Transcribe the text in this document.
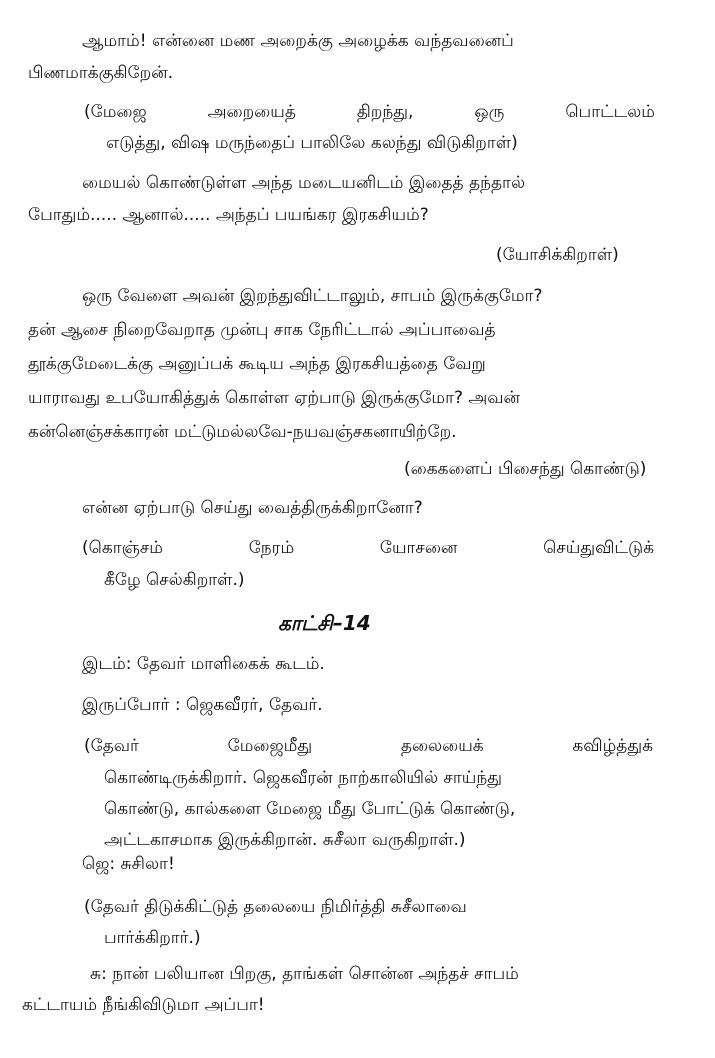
ஆமாம்! என்னை மண அறைக்கு அழைக்க வந்தவனைப்
பிணமாக்குகிறேன்.
(மேஜை	அறையைத்	திறந்து,	ஒரு	பொட்டலம்
எடுத்து, விஷ மருந்தைப் பாலிலே கலந்து விடுகிறாள்)
மையல் கொண்டுள்ள அந்த மடையனிடம் இதைத் தந்தால்
போதும்..... ஆனால்..... அந்தப் பயங்கர இரகசியம்?
(யோசிக்கிறாள்)
ஒரு வேளை அவன் இறந்துவிட்டாலும், சாபம் இருக்குமோ?
தன் ஆசை நிறைவேறாத முன்பு சாக நேரிட்டால் அப்பாவைத்
தூக்குமேடைக்கு அனுப்பக் கூடிய அந்த இரகசியத்தை வேறு
யாராவது உபயோகித்துக் கொள்ள ஏற்பாடு இருக்குமோ? அவன்
கன்னெஞ்சக்காரன் மட்டுமல்லவே-நயவஞ்சகனாயிற்றே.
(கைகளைப் பிசைந்து கொண்டு)
என்ன ஏற்பாடு செய்து வைத்திருக்கிறானோ?
(கொஞ்சம்	நேரம்	யோசனை	செய்துவிட்டுக்
கீழே செல்கிறாள்.)
காட்சி–14
இடம்: தேவர் மாளிகைக் கூடம்.
இருப்போர் : ஜெகவீரர், தேவர்.
(தேவர்	மேஜைமீது	தலையைக்	கவிழ்த்துக்
கொண்டிருக்கிறார். ஜெகவீரன் நாற்காலியில் சாய்ந்து
கொண்டு, கால்களை மேஜை மீது போட்டுக் கொண்டு,
அட்டகாசமாக இருக்கிறான். சுசீலா வருகிறாள்.)
ஜெ: சுசிலா!
(தேவர் திடுக்கிட்டுத் தலையை நிமிர்த்தி சுசீலாவை
பார்க்கிறார்.)
சு: நான் பலியான பிறகு, தாங்கள் சொன்ன அந்தச் சாபம்
கட்டாயம் நீங்கிவிடுமா அப்பா!
